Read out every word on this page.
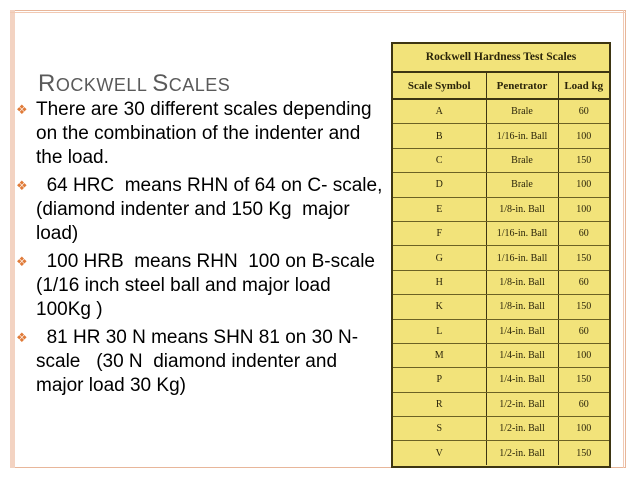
ROCKWELL SCALES
❖ There are 30 different scales depending on the combination of the indenter and the load.
❖ 64 HRC  means RHN of 64 on C- scale, (diamond indenter and 150 Kg  major load)
❖ 100 HRB  means RHN  100 on B-scale (1/16 inch steel ball and major load 100Kg )
❖ 81 HR 30 N means SHN 81 on 30 N-scale   (30 N  diamond indenter and major load 30 Kg)
Rockwell Hardness Test Scales
Scale Symbol	Penetrator	Load kg
A	Brale	60
B	1/16-in. Ball	100
C	Brale	150
D	Brale	100
E	1/8-in. Ball	100
F	1/16-in. Ball	60
G	1/16-in. Ball	150
H	1/8-in. Ball	60
K	1/8-in. Ball	150
L	1/4-in. Ball	60
M	1/4-in. Ball	100
P	1/4-in. Ball	150
R	1/2-in. Ball	60
S	1/2-in. Ball	100
V	1/2-in. Ball	150
